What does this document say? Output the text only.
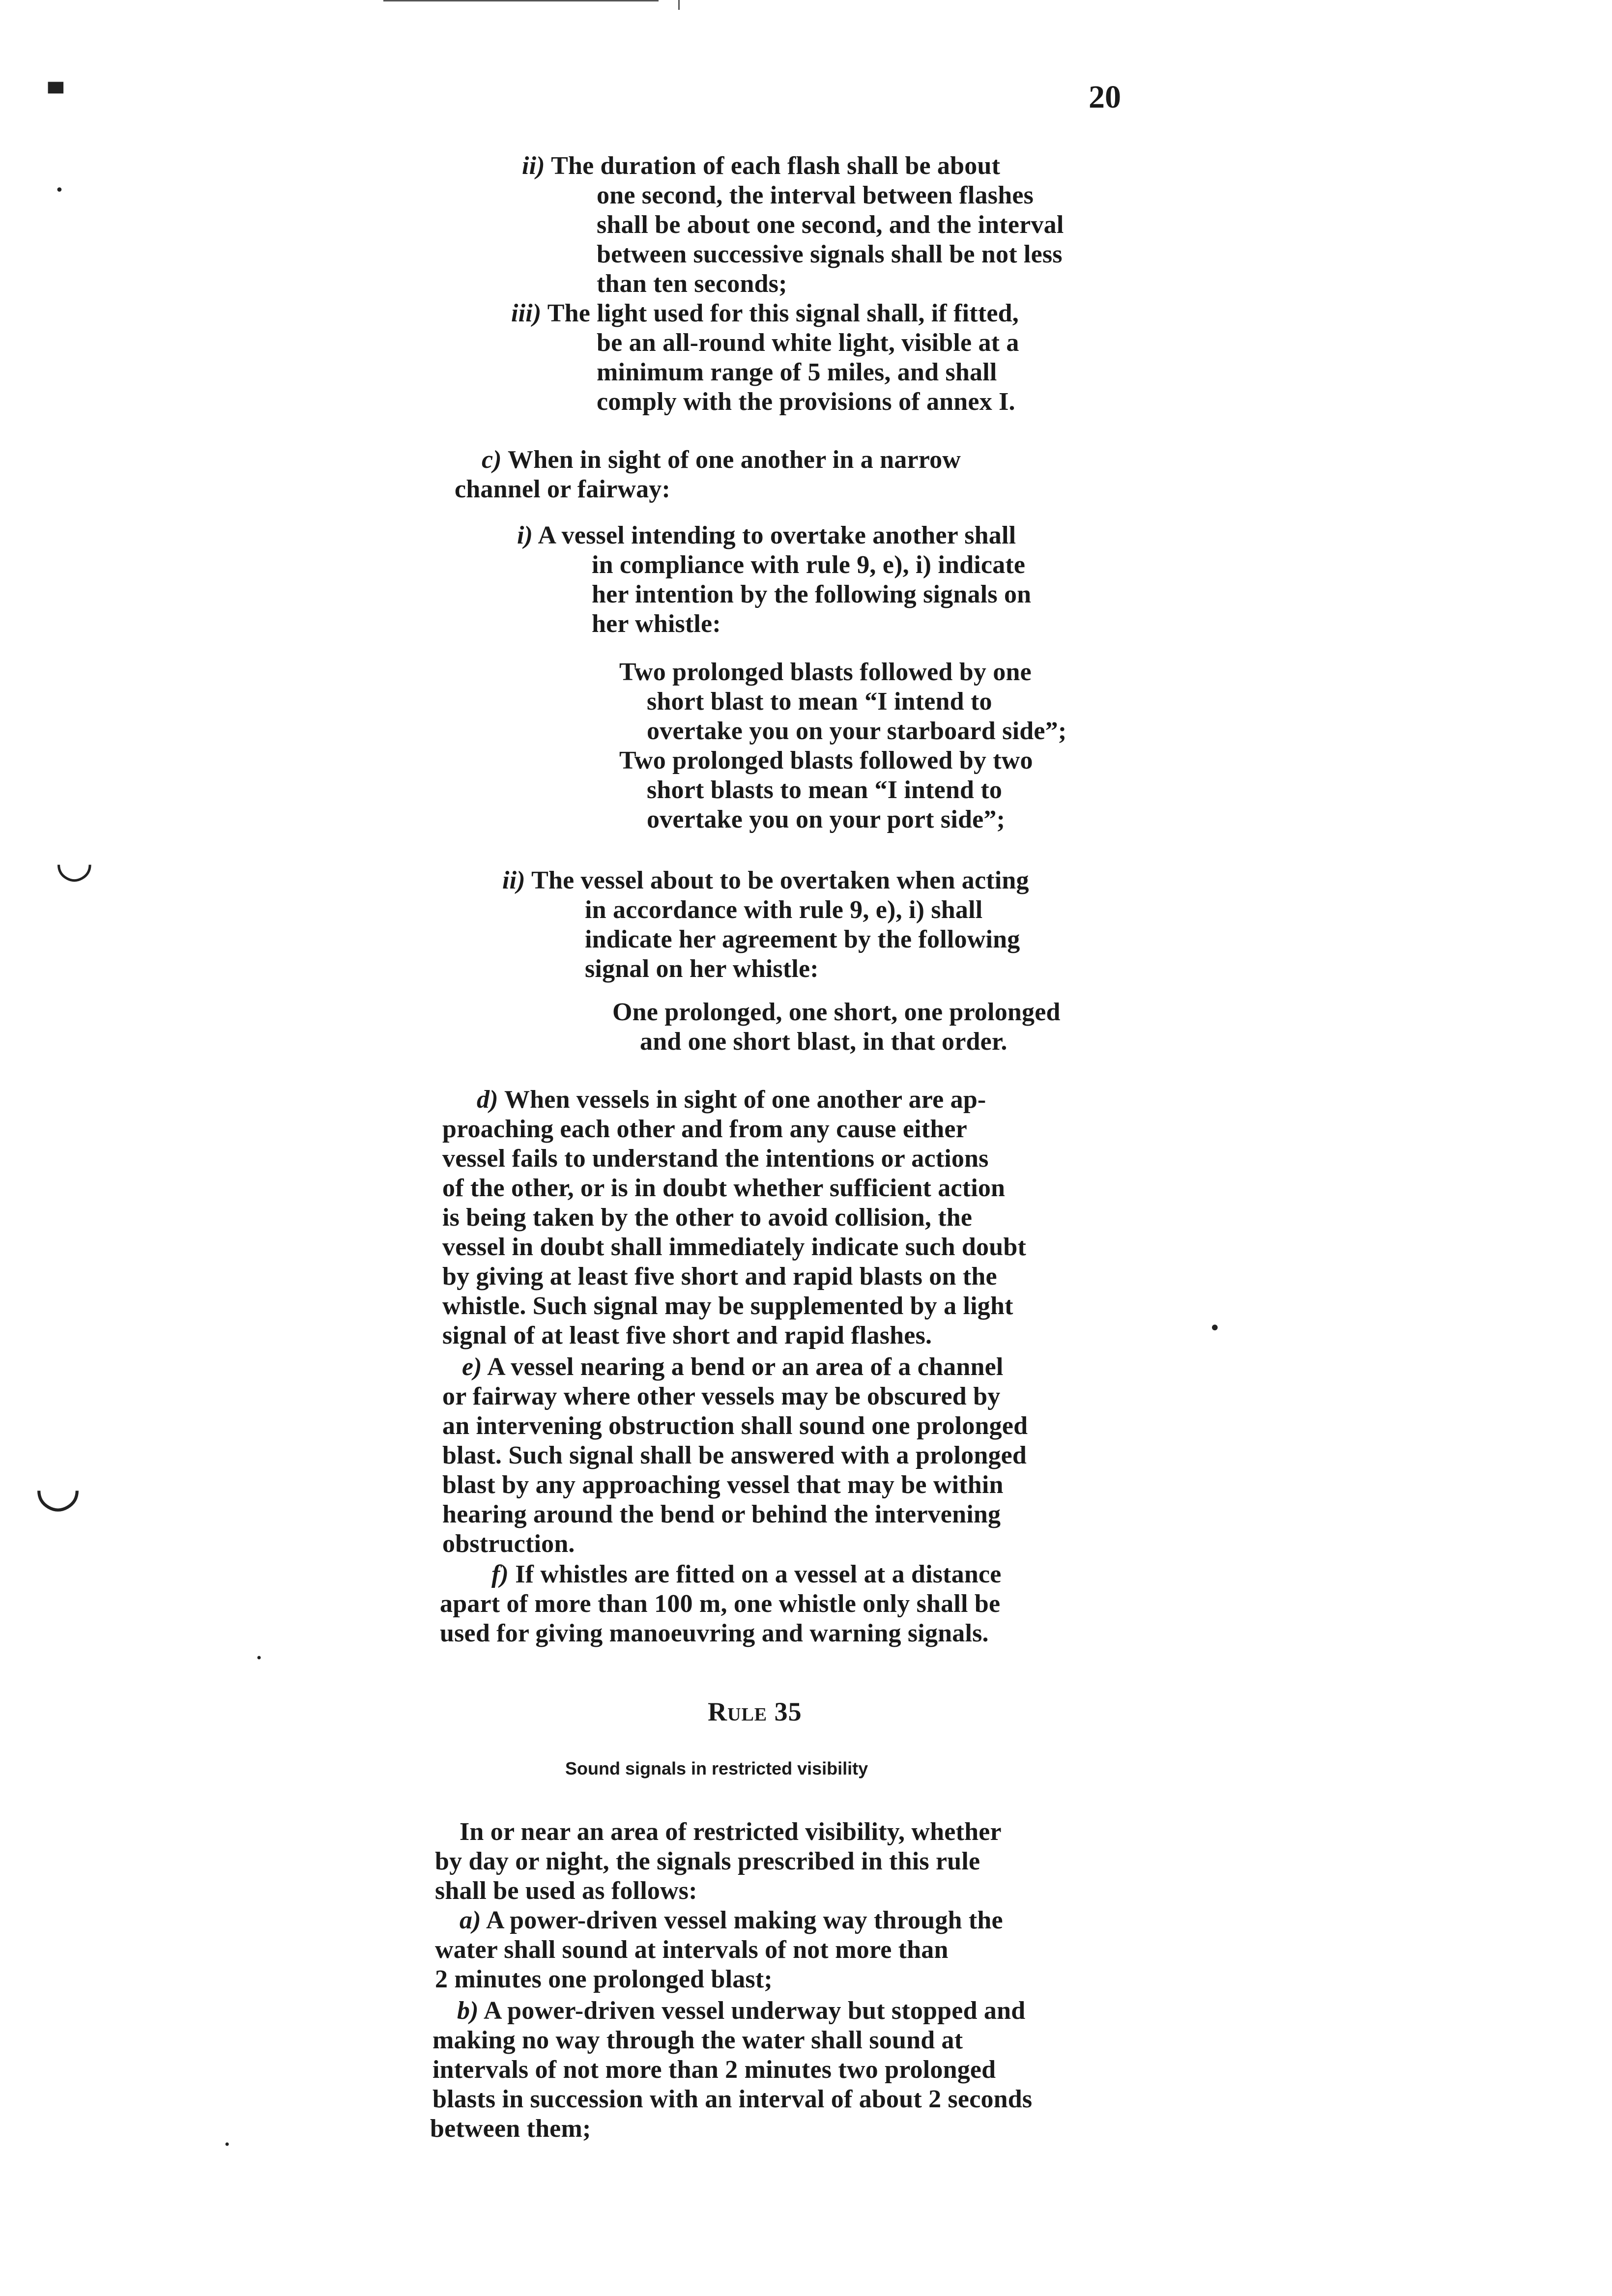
▀
•
◡
◡
20
ii) The duration of each flash shall be about
one second, the interval between flashes
shall be about one second, and the interval
between successive signals shall be not less
than ten seconds;
iii) The light used for this signal shall, if fitted,
be an all-round white light, visible at a
minimum range of 5 miles, and shall
comply with the provisions of annex I.
c) When in sight of one another in a narrow
channel or fairway:
i) A vessel intending to overtake another shall
in compliance with rule 9, e), i) indicate
her intention by the following signals on
her whistle:
Two prolonged blasts followed by one
short blast to mean “I intend to
overtake you on your starboard side”;
Two prolonged blasts followed by two
short blasts to mean “I intend to
overtake you on your port side”;
ii) The vessel about to be overtaken when acting
in accordance with rule 9, e), i) shall
indicate her agreement by the following
signal on her whistle:
One prolonged, one short, one prolonged
and one short blast, in that order.
d) When vessels in sight of one another are ap-
proaching each other and from any cause either
vessel fails to understand the intentions or actions
of the other, or is in doubt whether sufficient action
is being taken by the other to avoid collision, the
vessel in doubt shall immediately indicate such doubt
by giving at least five short and rapid blasts on the
whistle. Such signal may be supplemented by a light
signal of at least five short and rapid flashes.
e) A vessel nearing a bend or an area of a channel
or fairway where other vessels may be obscured by
an intervening obstruction shall sound one prolonged
blast. Such signal shall be answered with a prolonged
blast by any approaching vessel that may be within
hearing around the bend or behind the intervening
obstruction.
f) If whistles are fitted on a vessel at a distance
apart of more than 100 m, one whistle only shall be
used for giving manoeuvring and warning signals.
Rule 35
Sound signals in restricted visibility
In or near an area of restricted visibility, whether
by day or night, the signals prescribed in this rule
shall be used as follows:
a) A power-driven vessel making way through the
water shall sound at intervals of not more than
2 minutes one prolonged blast;
b) A power-driven vessel underway but stopped and
making no way through the water shall sound at
intervals of not more than 2 minutes two prolonged
blasts in succession with an interval of about 2 seconds
between them;
•
•
•
